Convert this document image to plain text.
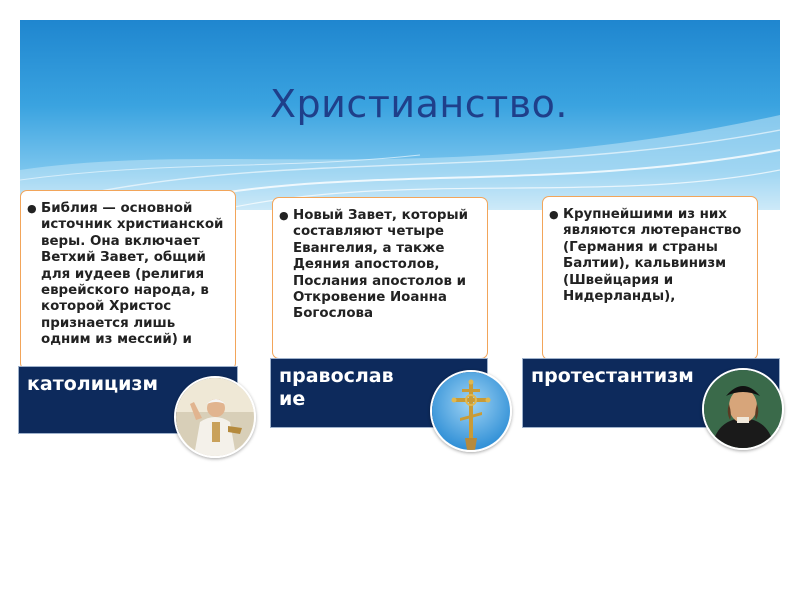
Христианство.
● Библия — основной источник христианской веры. Она включает Ветхий Завет, общий для иудеев (религия еврейского народа, в которой Христос признается лишь одним из мессий) и
● Новый Завет, который составляют четыре Евангелия, а также Деяния апостолов, Послания апостолов и Откровение Иоанна Богослова
● Крупнейшими из них являются лютеранство (Германия и страны Балтии), кальвинизм (Швейцария и Нидерланды),
католицизм	православие
протестантизм
